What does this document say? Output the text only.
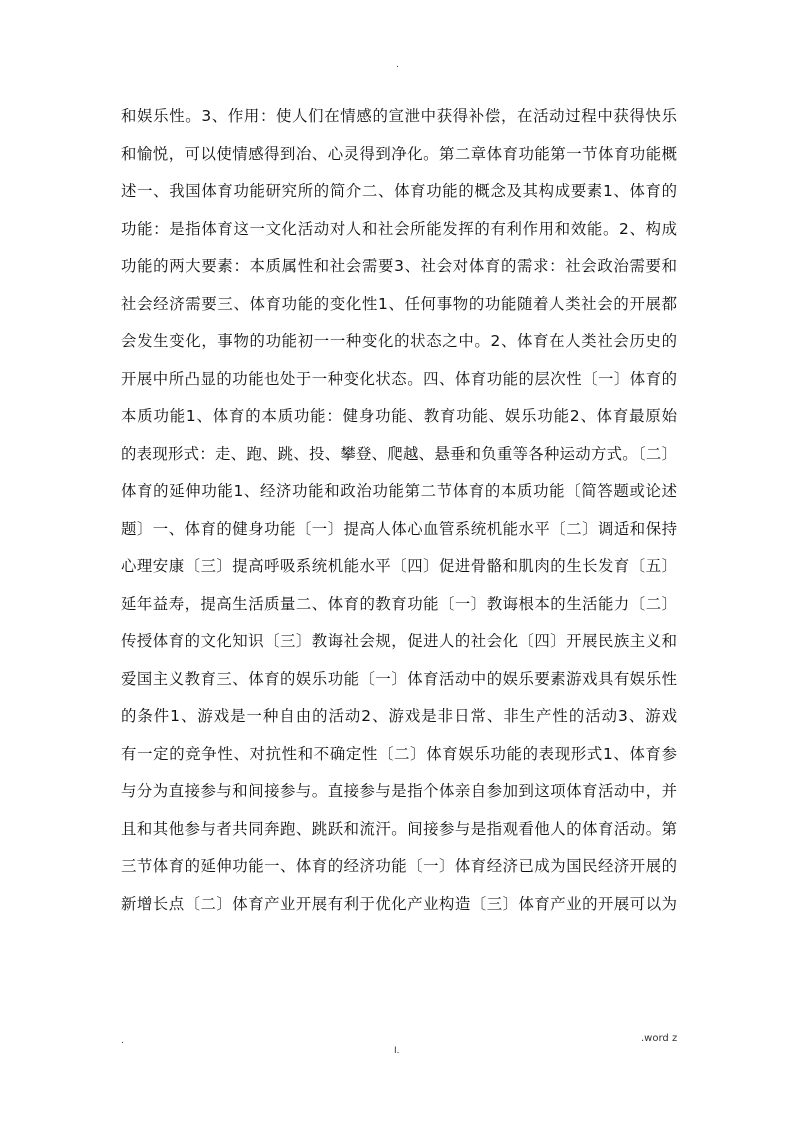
.
和娱乐性。3、作用：使人们在情感的宣泄中获得补偿，在活动过程中获得快乐
和愉悦，可以使情感得到冶、心灵得到净化。第二章体育功能第一节体育功能概
述一、我国体育功能研究所的简介二、体育功能的概念及其构成要素1、体育的
功能：是指体育这一文化活动对人和社会所能发挥的有利作用和效能。2、构成
功能的两大要素：本质属性和社会需要3、社会对体育的需求：社会政治需要和
社会经济需要三、体育功能的变化性1、任何事物的功能随着人类社会的开展都
会发生变化，事物的功能初一一种变化的状态之中。2、体育在人类社会历史的
开展中所凸显的功能也处于一种变化状态。四、体育功能的层次性〔一〕体育的
本质功能1、体育的本质功能：健身功能、教育功能、娱乐功能2、体育最原始
的表现形式：走、跑、跳、投、攀登、爬越、悬垂和负重等各种运动方式。〔二〕
体育的延伸功能1、经济功能和政治功能第二节体育的本质功能〔简答题或论述
题〕一、体育的健身功能〔一〕提高人体心血管系统机能水平〔二〕调适和保持
心理安康〔三〕提高呼吸系统机能水平〔四〕促进骨骼和肌肉的生长发育〔五〕
延年益寿，提高生活质量二、体育的教育功能〔一〕教诲根本的生活能力〔二〕
传授体育的文化知识〔三〕教诲社会规，促进人的社会化〔四〕开展民族主义和
爱国主义教育三、体育的娱乐功能〔一〕体育活动中的娱乐要素游戏具有娱乐性
的条件1、游戏是一种自由的活动2、游戏是非日常、非生产性的活动3、游戏
有一定的竞争性、对抗性和不确定性〔二〕体育娱乐功能的表现形式1、体育参
与分为直接参与和间接参与。直接参与是指个体亲自参加到这项体育活动中，并
且和其他参与者共同奔跑、跳跃和流汗。间接参与是指观看他人的体育活动。第
三节体育的延伸功能一、体育的经济功能〔一〕体育经济已成为国民经济开展的
新增长点〔二〕体育产业开展有利于优化产业构造〔三〕体育产业的开展可以为
.	.word z
I.
